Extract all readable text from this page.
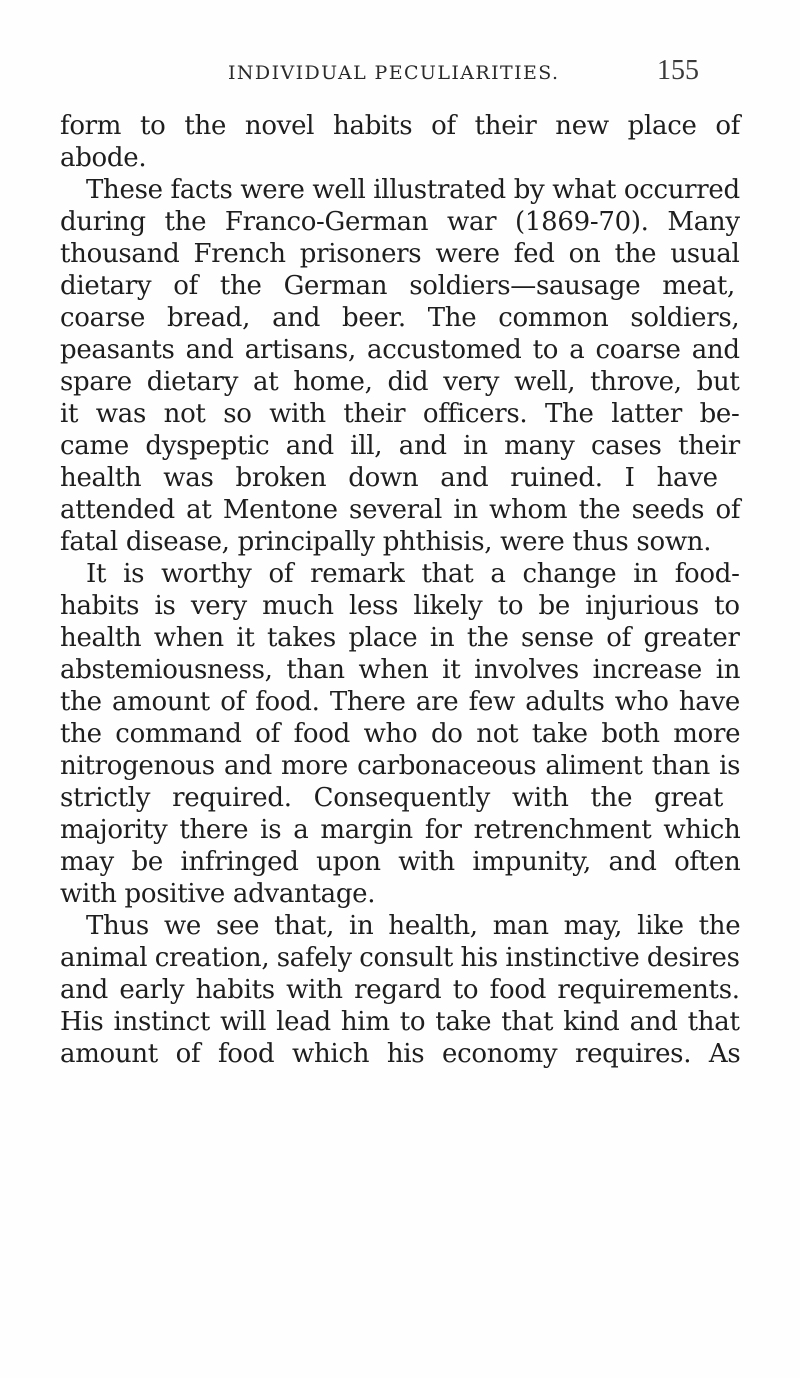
INDIVIDUAL PECULIARITIES.	155
form to the novel habits of their new place of
abode.
These facts were well illustrated by what occurred
during the Franco-German war (1869-70). Many
thousand French prisoners were fed on the usual
dietary of the German soldiers—sausage meat,
coarse bread, and beer. The common soldiers,
peasants and artisans, accustomed to a coarse and
spare dietary at home, did very well, throve, but
it was not so with their officers. The latter be-
came dyspeptic and ill, and in many cases their
health was broken down and ruined. I have
attended at Mentone several in whom the seeds of
fatal disease, principally phthisis, were thus sown.
It is worthy of remark that a change in food-
habits is very much less likely to be injurious to
health when it takes place in the sense of greater
abstemiousness, than when it involves increase in
the amount of food. There are few adults who have
the command of food who do not take both more
nitrogenous and more carbonaceous aliment than is
strictly required. Consequently with the great
majority there is a margin for retrenchment which
may be infringed upon with impunity, and often
with positive advantage.
Thus we see that, in health, man may, like the
animal creation, safely consult his instinctive desires
and early habits with regard to food requirements.
His instinct will lead him to take that kind and that
amount of food which his economy requires. As
